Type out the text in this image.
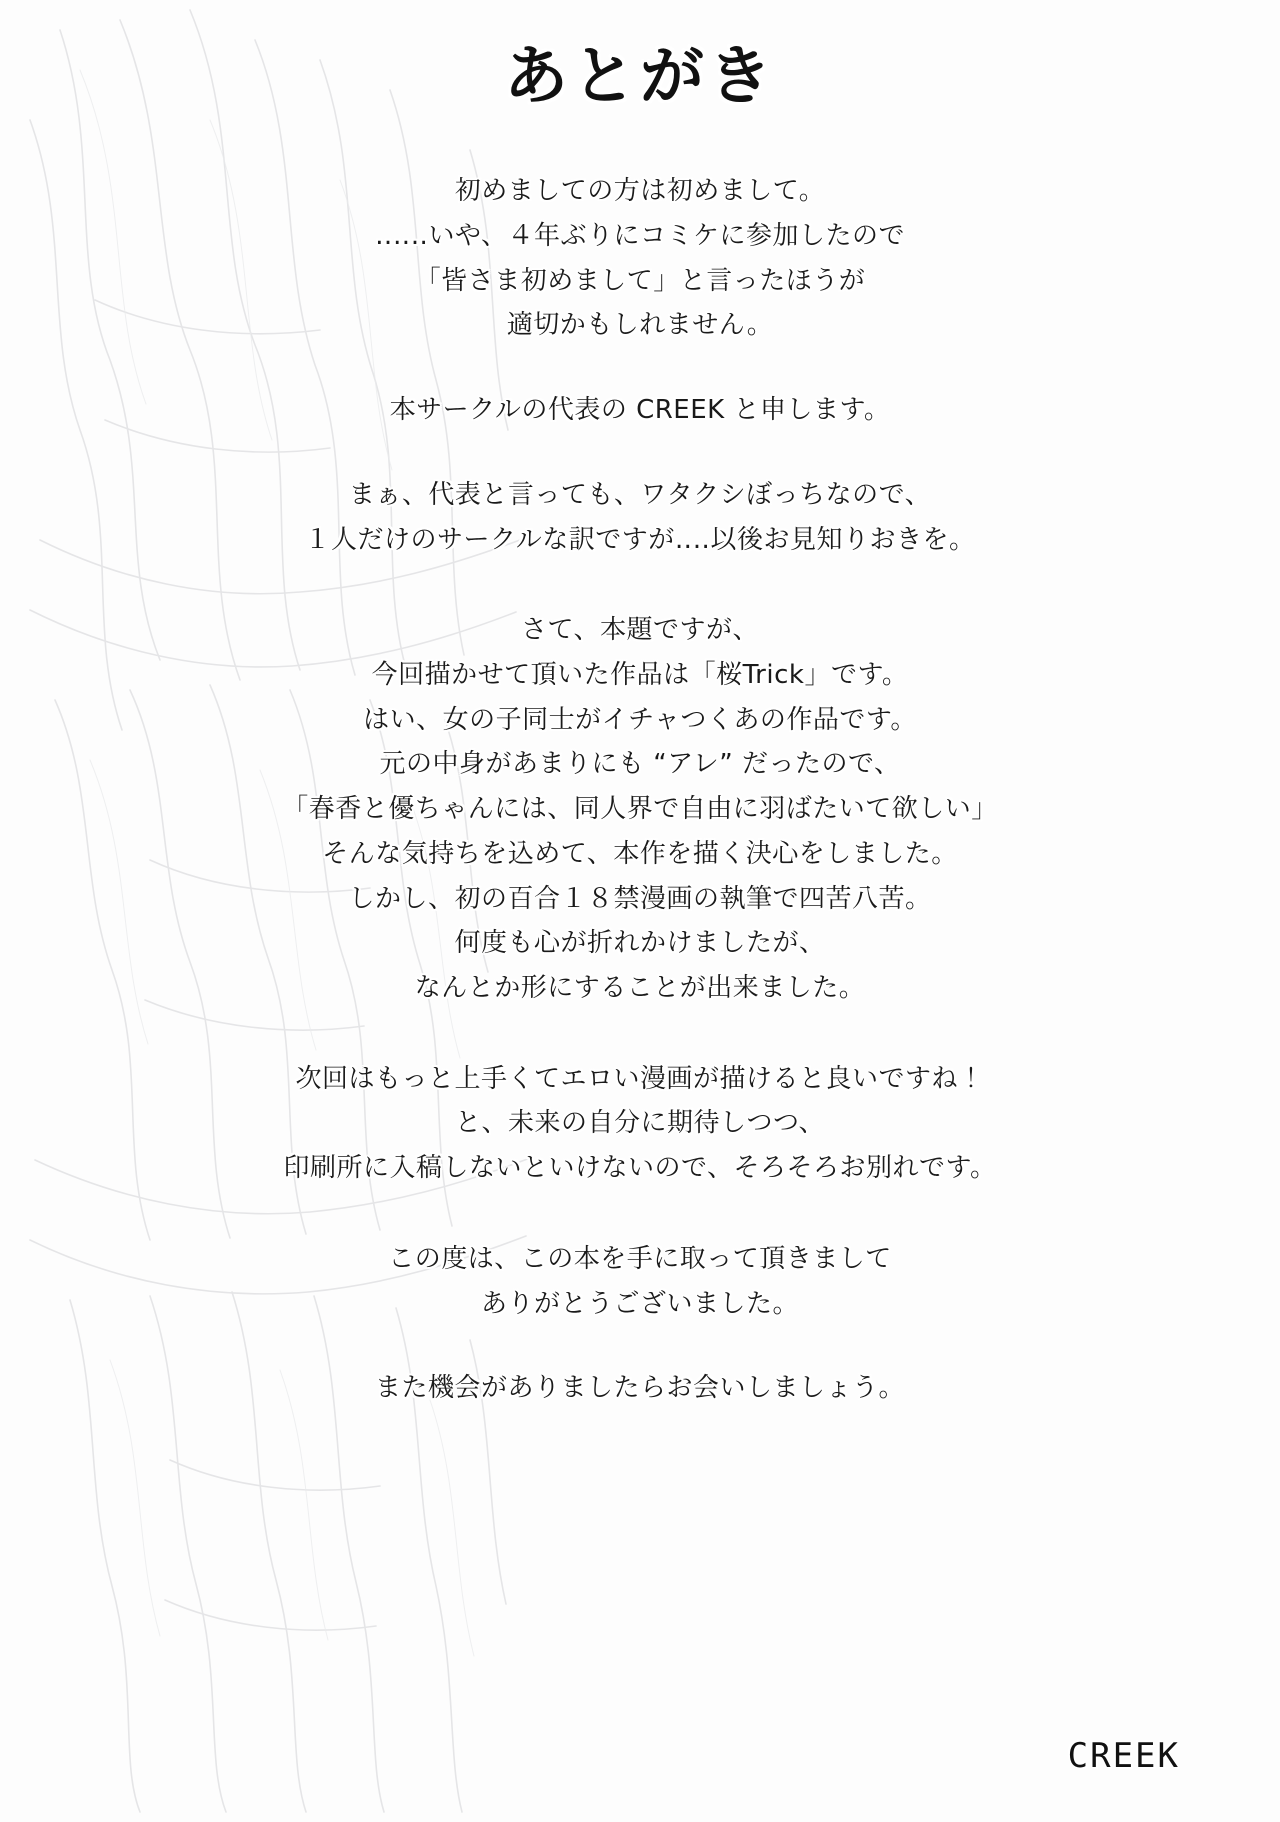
あとがき

初めましての方は初めまして。
‥‥‥いや、４年ぶりにコミケに参加したので
「皆さま初めまして」と言ったほうが
適切かもしれません。

本サークルの代表の CREEK と申します。

まぁ、代表と言っても、ワタクシぼっちなので、
１人だけのサークルな訳ですが‥‥以後お見知りおきを。

さて、本題ですが、
今回描かせて頂いた作品は「桜Trick」です。
はい、女の子同士がイチャつくあの作品です。
元の中身があまりにも “アレ” だったので、
「春香と優ちゃんには、同人界で自由に羽ばたいて欲しい」
そんな気持ちを込めて、本作を描く決心をしました。
しかし、初の百合１８禁漫画の執筆で四苦八苦。
何度も心が折れかけましたが、
なんとか形にすることが出来ました。

次回はもっと上手くてエロい漫画が描けると良いですね！
と、未来の自分に期待しつつ、
印刷所に入稿しないといけないので、そろそろお別れです。

この度は、この本を手に取って頂きまして
ありがとうございました。

また機会がありましたらお会いしましょう。

CREEK
